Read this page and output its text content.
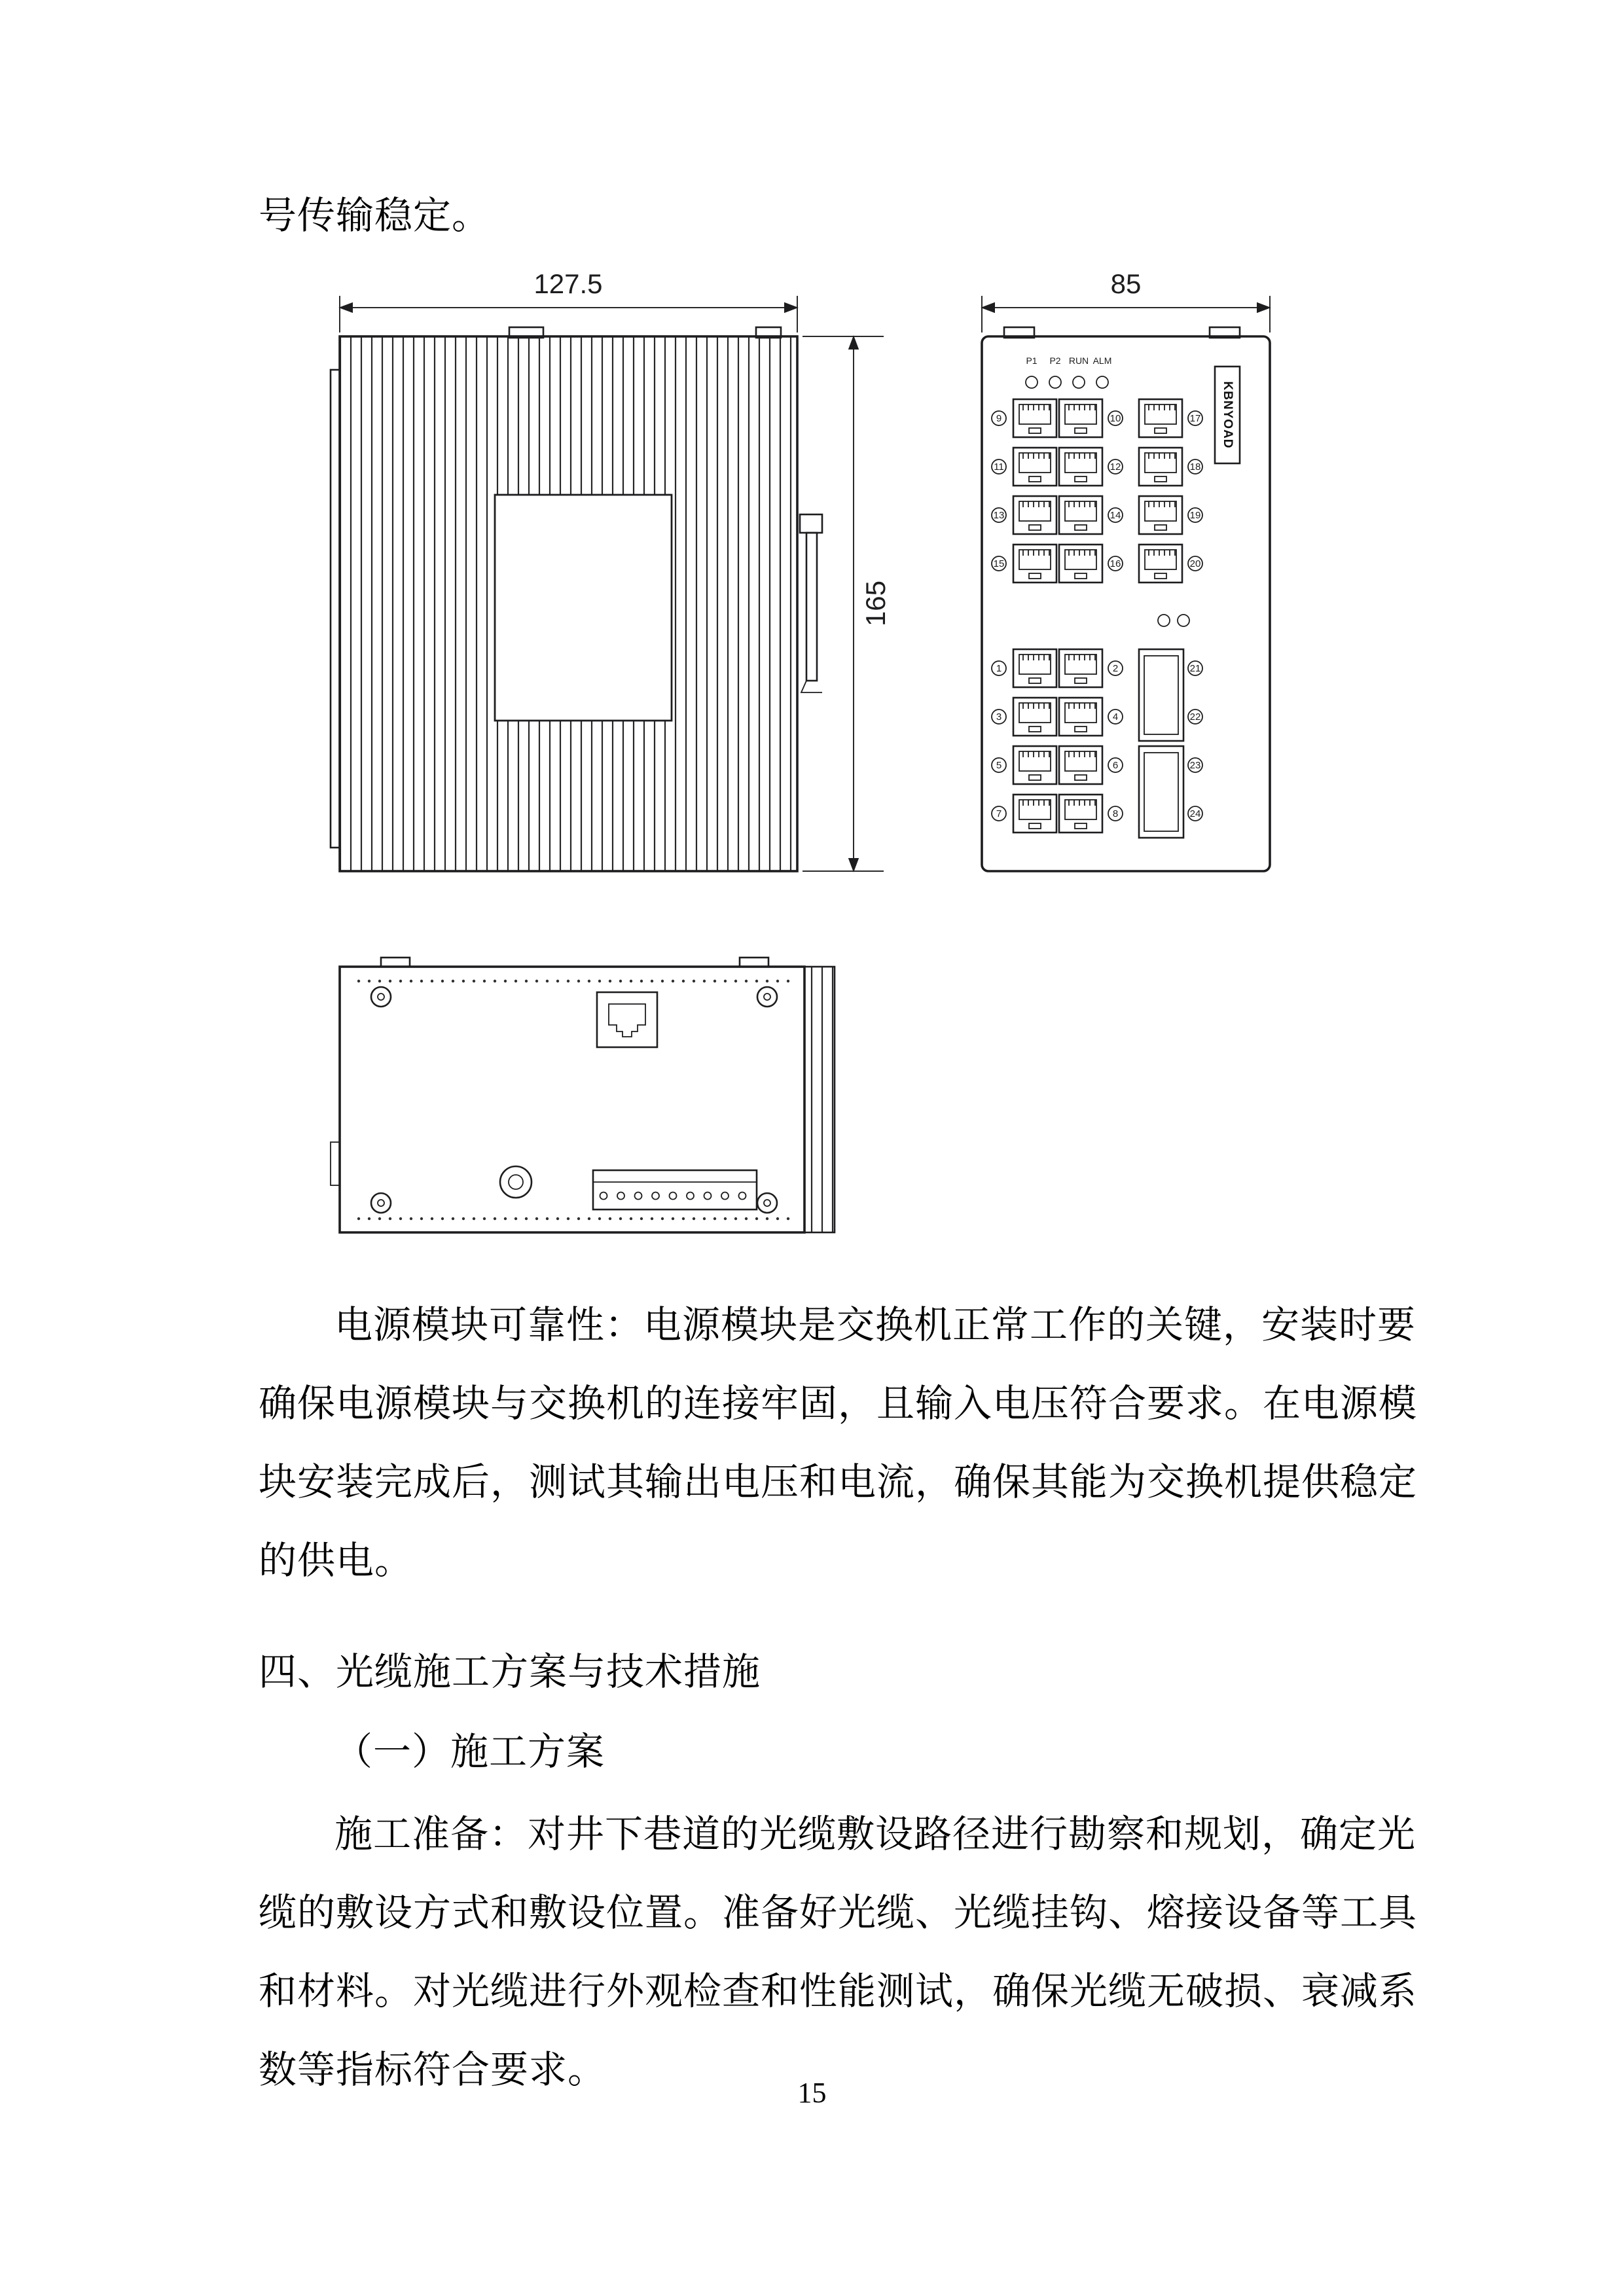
号传输稳定。
127.5
165
KBNYOAD
P1 P2 RUN ALM
9	10
11	12
13	14
15	16
17
18
19
20
1	2
3	4
5	6
7	8
21
22
23
24
85
电源模块可靠性：电源模块是交换机正常工作的关键，安装时要
确保电源模块与交换机的连接牢固，且输入电压符合要求。在电源模
块安装完成后，测试其输出电压和电流，确保其能为交换机提供稳定
的供电。
四、光缆施工方案与技术措施
（一）施工方案
施工准备：对井下巷道的光缆敷设路径进行勘察和规划，确定光
缆的敷设方式和敷设位置。准备好光缆、光缆挂钩、熔接设备等工具
和材料。对光缆进行外观检查和性能测试，确保光缆无破损、衰减系
数等指标符合要求。
15
